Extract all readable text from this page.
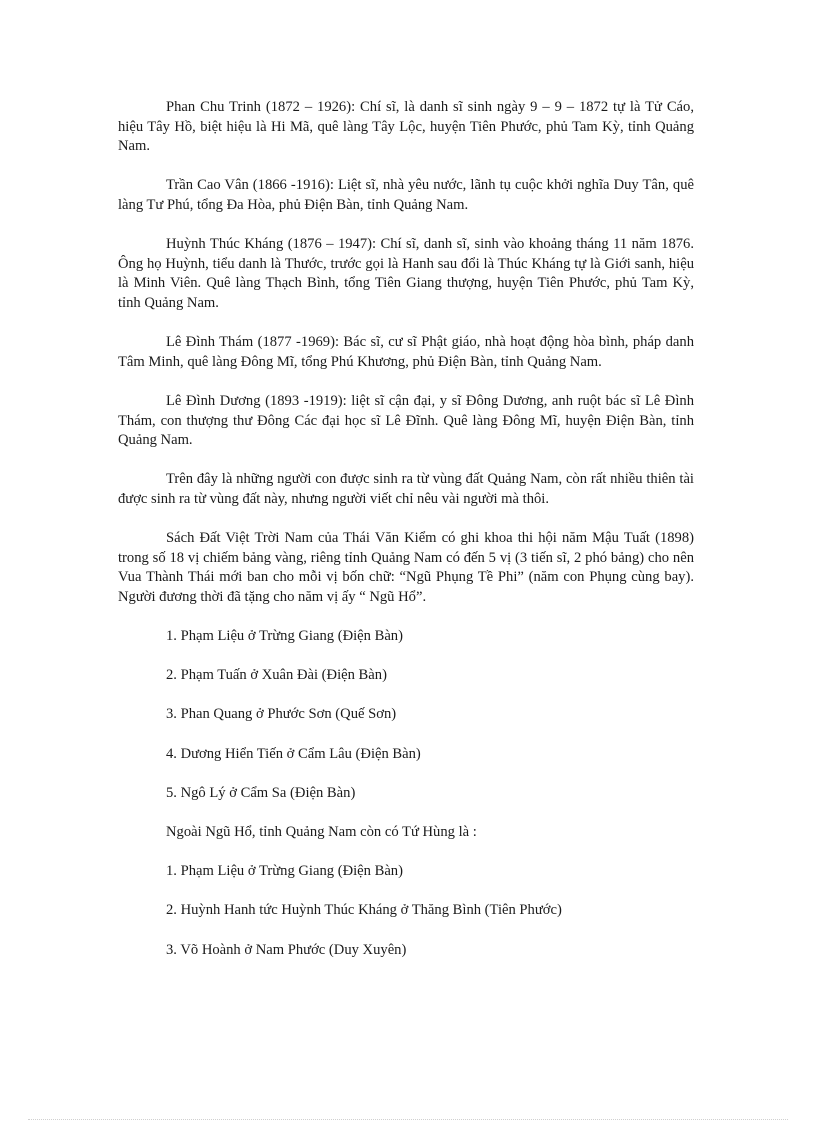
Phan Chu Trinh (1872 – 1926): Chí sĩ, là danh sĩ sinh ngày 9 – 9 – 1872 tự là Tử Cáo, hiệu Tây Hồ, biệt hiệu là Hi Mã, quê làng Tây Lộc, huyện Tiên Phước, phủ Tam Kỳ, tỉnh Quảng Nam.

Trần Cao Vân (1866 -1916): Liệt sĩ, nhà yêu nước, lãnh tụ cuộc khởi nghĩa Duy Tân, quê làng Tư Phú, tổng Đa Hòa, phủ Điện Bàn, tỉnh Quảng Nam.

Huỳnh Thúc Kháng (1876 – 1947): Chí sĩ, danh sĩ, sinh vào khoảng tháng 11 năm 1876. Ông họ Huỳnh, tiểu danh là Thước, trước gọi là Hanh sau đổi là Thúc Kháng tự là Giới sanh, hiệu là Minh Viên. Quê làng Thạch Bình, tổng Tiên Giang thượng, huyện Tiên Phước, phủ Tam Kỳ, tỉnh Quảng Nam.

Lê Đình Thám (1877 -1969): Bác sĩ, cư sĩ Phật giáo, nhà hoạt động hòa bình, pháp danh Tâm Minh, quê làng Đông Mĩ, tổng Phú Khương, phủ Điện Bàn, tỉnh Quảng Nam.

Lê Đình Dương (1893 -1919): liệt sĩ cận đại, y sĩ Đông Dương, anh ruột bác sĩ Lê Đình Thám, con thượng thư Đông Các đại học sĩ Lê Đĩnh. Quê làng Đông Mĩ, huyện Điện Bàn, tỉnh Quảng Nam.

Trên đây là những người con được sinh ra từ vùng đất Quảng Nam, còn rất nhiều thiên tài được sinh ra từ vùng đất này, nhưng người viết chỉ nêu vài người mà thôi.

Sách Đất Việt Trời Nam của Thái Văn Kiểm có ghi khoa thi hội năm Mậu Tuất (1898) trong số 18 vị chiếm bảng vàng, riêng tỉnh Quảng Nam có đến 5 vị (3 tiến sĩ, 2 phó bảng) cho nên Vua Thành Thái mới ban cho mỗi vị bốn chữ: “Ngũ Phụng Tề Phi” (năm con Phụng cùng bay). Người đương thời đã tặng cho năm vị ấy “ Ngũ Hổ”.

1. Phạm Liệu ở Trừng Giang (Điện Bàn)

2. Phạm Tuấn ở Xuân Đài (Điện Bàn)

3. Phan Quang ở Phước Sơn (Quế Sơn)

4. Dương Hiển Tiến ở Cẩm Lâu (Điện Bàn)

5. Ngô Lý ở Cẩm Sa (Điện Bàn)

Ngoài Ngũ Hổ, tỉnh Quảng Nam còn có Tứ Hùng là :

1. Phạm Liệu ở Trừng Giang (Điện Bàn)

2. Huỳnh Hanh tức Huỳnh Thúc Kháng ở Thăng Bình (Tiên Phước)

3. Võ Hoành ở Nam Phước (Duy Xuyên)
